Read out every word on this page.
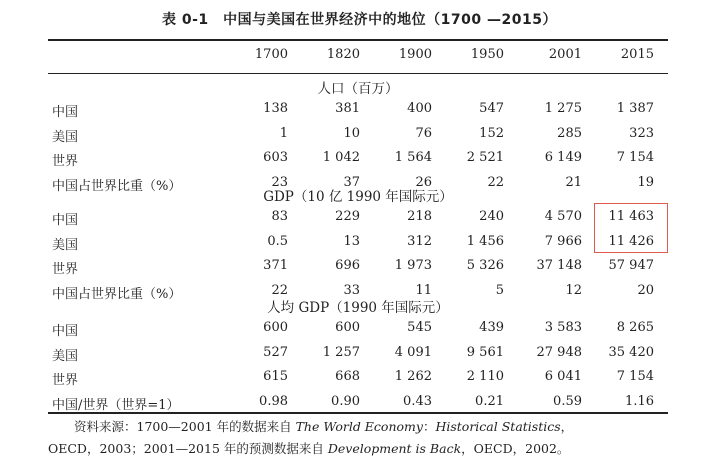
表 0-1　中国与美国在世界经济中的地位（1700 —2015）
1700	1820	1900	1950	2001	2015
人口（百万）
中国	138	381	400	547	1 275	1 387
美国	1	10	76	152	285	323
世界	603	1 042	1 564	2 521	6 149	7 154
中国占世界比重（%）	23	37	26	22	21	19
GDP（10 亿 1990 年国际元）
中国	83	229	218	240	4 570	11 463
美国	0.5	13	312	1 456	7 966	11 426
世界	371	696	1 973	5 326	37 148	57 947
中国占世界比重（%）	22	33	11	5	12	20
人均 GDP（1990 年国际元）
中国	600	600	545	439	3 583	8 265
美国	527	1 257	4 091	9 561	27 948	35 420
世界	615	668	1 262	2 110	6 041	7 154
中国/世界（世界=1）	0.98	0.90	0.43	0.21	0.59	1.16
资料来源：1700—2001 年的数据来自 The World Economy：Historical Statistics，
OECD，2003；2001—2015 年的预测数据来自 Development is Back，OECD，2002。
